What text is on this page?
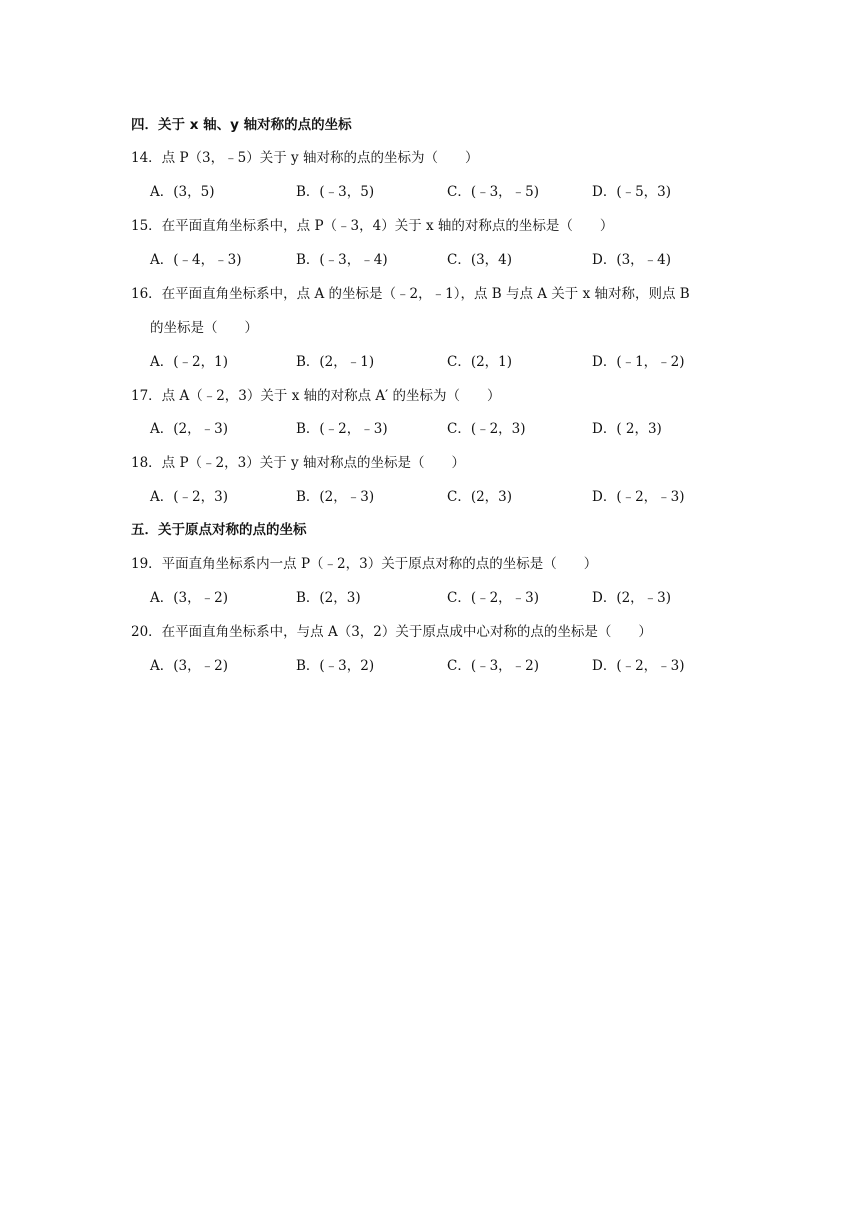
四．关于 x 轴、y 轴对称的点的坐标
14．点 P（3，﹣5）关于 y 轴对称的点的坐标为（　　）
A．(3，5)	B．(﹣3，5)	C．(﹣3，﹣5)	D．(﹣5，3)
15．在平面直角坐标系中，点 P（﹣3，4）关于 x 轴的对称点的坐标是（　　）
A．(﹣4，﹣3)	B．(﹣3，﹣4)	C．(3，4)	D．(3，﹣4)
16．在平面直角坐标系中，点 A 的坐标是（﹣2，﹣1），点 B 与点 A 关于 x 轴对称，则点 B
的坐标是（　　）
A．(﹣2，1)	B．(2，﹣1)	C．(2，1)	D．(﹣1，﹣2)
17．点 A（﹣2，3）关于 x 轴的对称点 A′ 的坐标为（　　）
A．(2，﹣3)	B．(﹣2，﹣3)	C．(﹣2，3)	D．( 2，3)
18．点 P（﹣2，3）关于 y 轴对称点的坐标是（　　）
A．(﹣2，3)	B．(2，﹣3)	C．(2，3)	D．(﹣2，﹣3)
五．关于原点对称的点的坐标
19．平面直角坐标系内一点 P（﹣2，3）关于原点对称的点的坐标是（　　）
A．(3，﹣2)	B．(2，3)	C．(﹣2，﹣3)	D．(2，﹣3)
20．在平面直角坐标系中，与点 A（3，2）关于原点成中心对称的点的坐标是（　　）
A．(3，﹣2)	B．(﹣3，2)	C．(﹣3，﹣2)	D．(﹣2，﹣3)
